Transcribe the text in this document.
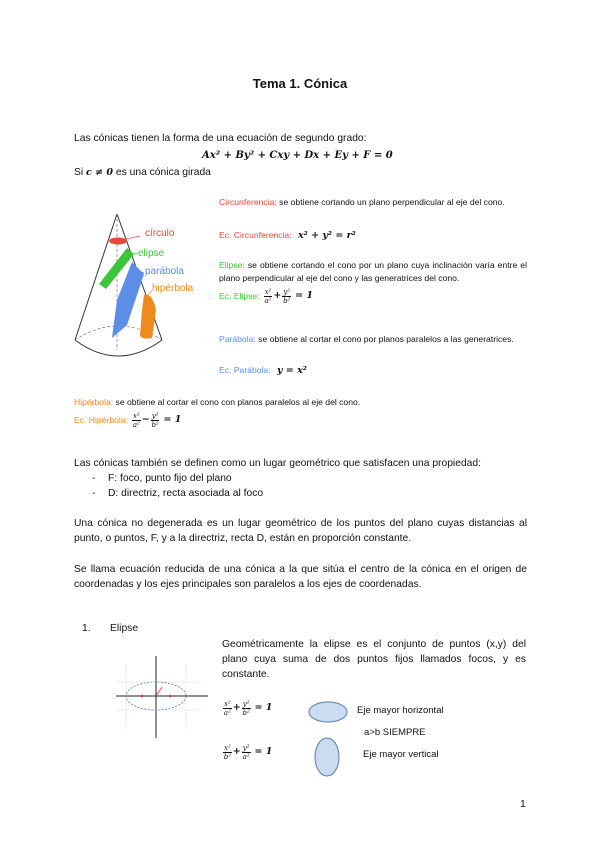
Tema 1. Cónica
Las cónicas tienen la forma de una ecuación de segundo grado:
Ax² + By² + Cxy + Dx + Ey + F = 0
Si c ≠ 0 es una cónica girada
círculo
elipse
parábola
hipérbola
Circunferencia: se obtiene cortando un plano perpendicular al eje del cono.
Ec. Circunferencia: x² + y² = r²
Elipse: se obtiene cortando el cono por un plano cuya inclinación varía entre el plano perpendicular al eje del cono y las generatrices del cono.
Ec. Elipse: $\frac{\text{x²}}{\text{a²}} + \frac{\text{y²}}{\text{b²}} = 1$
Parábola: se obtiene al cortar el cono por planos paralelos a las generatrices.
Ec. Parábola: y = x²
Hipérbola: se obtiene al cortar el cono con planos paralelos al eje del cono.
Ec. Hipérbola: $\frac{\text{x²}}{\text{a²}} - \frac{\text{y²}}{\text{b²}} = 1$
Las cónicas también se definen como un lugar geométrico que satisfacen una propiedad:
- F: foco, punto fijo del plano
- D: directriz, recta asociada al foco
Una cónica no degenerada es un lugar geométrico de los puntos del plano cuyas distancias al punto, o puntos, F, y a la directriz, recta D, están en proporción constante.
Se llama ecuación reducida de una cónica a la que sitúa el centro de la cónica en el origen de coordenadas y los ejes principales son paralelos a los ejes de coordenadas.
1. Elipse
Geométricamente la elipse es el conjunto de puntos (x,y) del plano cuya suma de dos puntos fijos llamados focos, y es constante.
$\frac{\text{x²}}{\text{a²}} + \frac{\text{y²}}{\text{b²}} = 1$	Eje mayor horizontal
a>b SIEMPRE
$\frac{\text{x²}}{\text{b²}} + \frac{\text{y²}}{\text{a²}} = 1$	Eje mayor vertical
1
